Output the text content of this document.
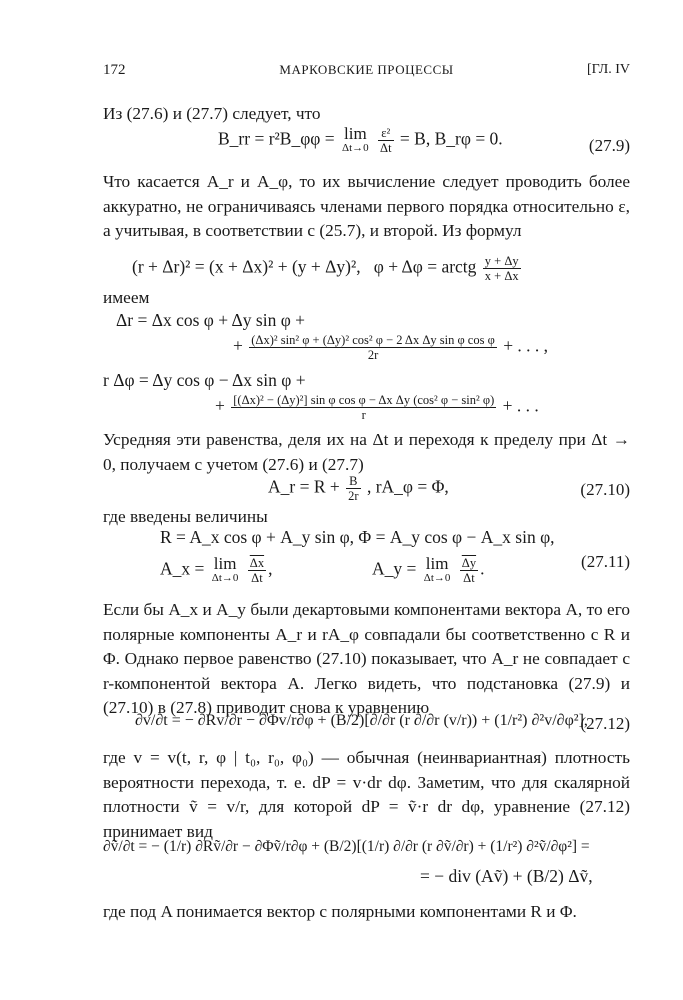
172	МАРКОВСКИЕ ПРОЦЕССЫ	[ГЛ. IV
Из (27.6) и (27.7) следует, что
B_rr = r²B_φφ = lim
Δt→0
$\frac{\text{ε²}}{\Delta t} = B$, B_rφ = 0.	(27.9)
Что касается A_r и A_φ, то их вычисление следует проводить более аккуратно, не ограничиваясь членами первого порядка относительно ε, а учитывая, в соответствии с (25.7), и второй. Из формул
(r + Δr)² = (x + Δx)² + (y + Δy)², φ + Δφ = arctg $\frac{y + \Delta y}{x + \Delta x}$
имеем
Δr = Δx cos φ + Δy sin φ +
+ $\frac{\text{(Δx)² sin² φ + (Δy)² cos² φ − 2 Δx Δy sin φ cos φ}}{2r}$ + . . . ,
r Δφ = Δy cos φ − Δx sin φ +
+ $\frac{\text{[(Δx)² − (Δy)²] sin φ cos φ − Δx Δy (cos² φ − sin² φ)}}{r}$ + . . .
Усредняя эти равенства, деля их на Δt и переходя к пределу при Δt → 0, получаем с учетом (27.6) и (27.7)
A_r = $R + \frac{B}{2r}$ , rA_φ = Φ,	(27.10)
где введены величины
R = A_x cos φ + A_y sin φ, Φ = A_y cos φ − A_x sin φ,
A_x = lim
Δt→0
$\frac{\overline{\Delta x}}{\Delta t}$ ,	A_y = lim
Δt→0
$\frac{\overline{\Delta y}}{\Delta t}$ .	(27.11)
Если бы A_x и A_y были декартовыми компонентами вектора A, то его полярные компоненты A_r и rA_φ совпадали бы соответственно с R и Φ. Однако первое равенство (27.10) показывает, что A_r не совпадает с r-компонентой вектора A. Легко видеть, что подстановка (27.9) и (27.10) в (27.8) приводит снова к уравнению
∂v/∂t = − ∂Rv/∂r − ∂Φv/r∂φ + (B/2)[∂/∂r (r ∂/∂r (v/r)) + (1/r²) ∂²v/∂φ²],
(27.12)
где v = v(t, r, φ | t₀, r₀, φ₀) — обычная (неинвариантная) плотность вероятности перехода, т. е. dP = v·dr dφ. Заметим, что для скалярной плотности ṽ = v/r, для которой dP = ṽ·r dr dφ, уравнение (27.12) принимает вид
∂ṽ/∂t = − (1/r) ∂Rṽ/∂r − ∂Φṽ/r∂φ + (B/2)[(1/r) ∂/∂r (r ∂ṽ/∂r) + (1/r²) ∂²ṽ/∂φ²] =
= − div (Aṽ) + (B/2) Δṽ,
где под A понимается вектор с полярными компонентами R и Φ.
